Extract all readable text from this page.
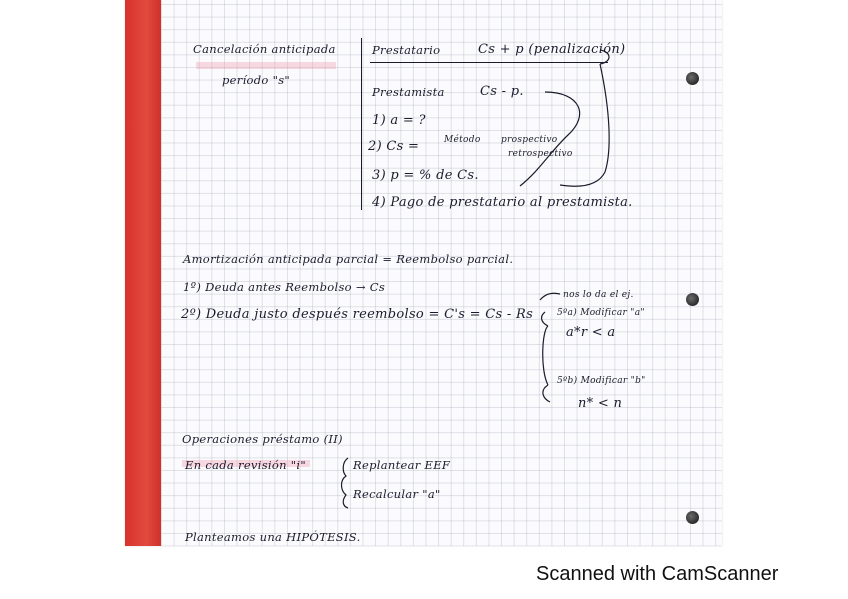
Cancelación anticipada
período "s"
Prestatario	Cs + p (penalización)
Prestamista	Cs - p.
1) a = ?
2) Cs =	Método prospectivo
retrospectivo
3) p = % de Cs.
4) Pago de prestatario al prestamista.
Amortización anticipada parcial = Reembolso parcial.
1º) Deuda antes Reembolso → Cs
2º) Deuda justo después reembolso = C's = Cs - Rs
nos lo da el ej.
5ºa) Modificar "a"
a*r < a
5ºb) Modificar "b"
n* < n
Operaciones préstamo (II)
En cada revisión "i"	Replantear EEF
Recalcular "a"
Planteamos una HIPÓTESIS.
Scanned with CamScanner
